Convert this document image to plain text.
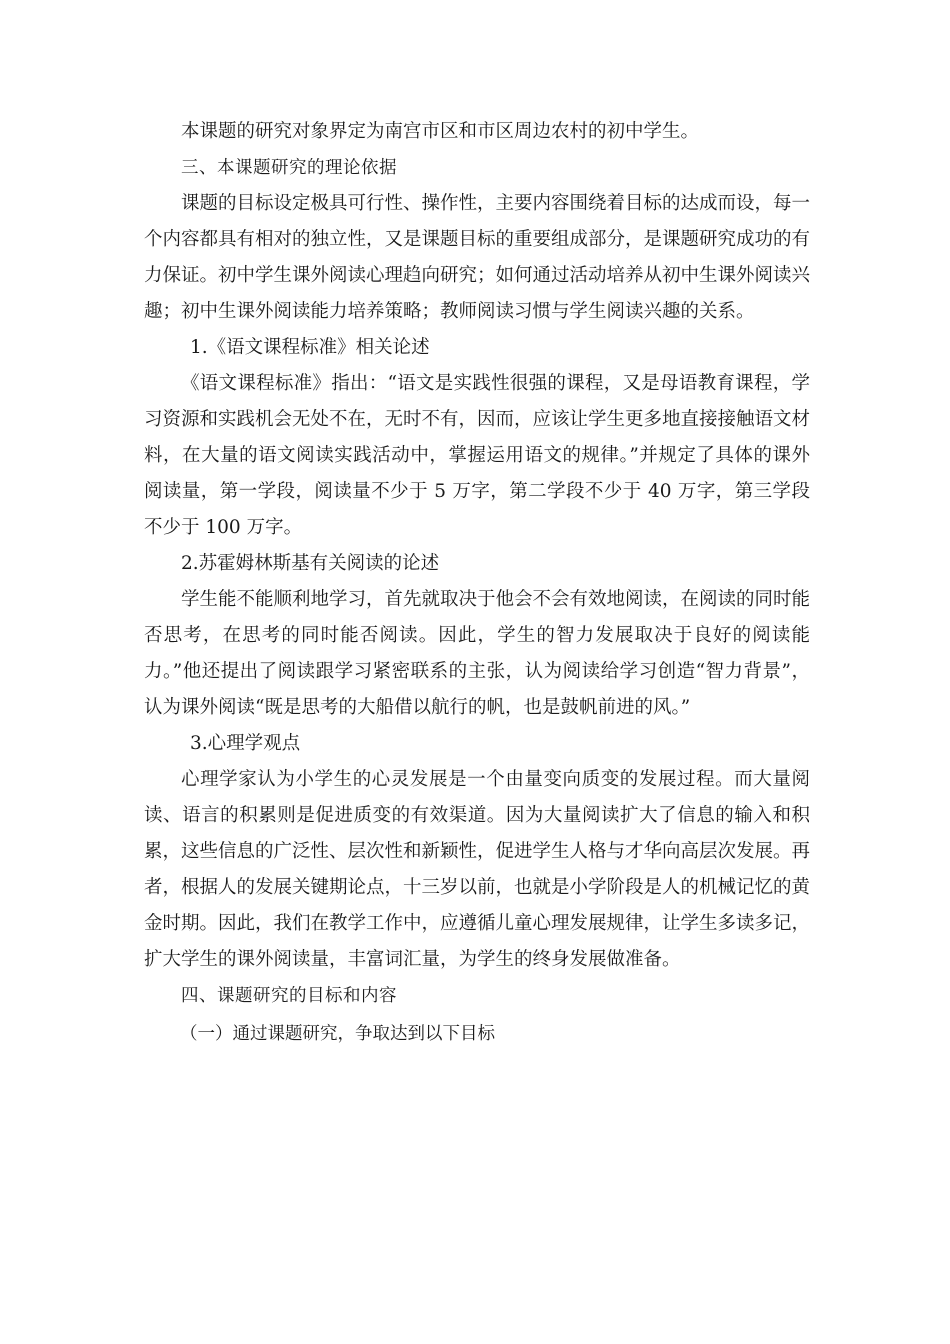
本课题的研究对象界定为南宫市区和市区周边农村的初中学生。

三、本课题研究的理论依据

课题的目标设定极具可行性、操作性，主要内容围绕着目标的达成而设，每一个内容都具有相对的独立性，又是课题目标的重要组成部分，是课题研究成功的有力保证。初中学生课外阅读心理趋向研究；如何通过活动培养从初中生课外阅读兴趣；初中生课外阅读能力培养策略；教师阅读习惯与学生阅读兴趣的关系。

1.《语文课程标准》相关论述

《语文课程标准》指出：“语文是实践性很强的课程，又是母语教育课程，学习资源和实践机会无处不在，无时不有，因而，应该让学生更多地直接接触语文材料，在大量的语文阅读实践活动中，掌握运用语文的规律。”并规定了具体的课外阅读量，第一学段，阅读量不少于 5 万字，第二学段不少于 40 万字，第三学段不少于 100 万字。

2.苏霍姆林斯基有关阅读的论述

学生能不能顺利地学习，首先就取决于他会不会有效地阅读，在阅读的同时能否思考，在思考的同时能否阅读。因此，学生的智力发展取决于良好的阅读能力。”他还提出了阅读跟学习紧密联系的主张，认为阅读给学习创造“智力背景”，认为课外阅读“既是思考的大船借以航行的帆，也是鼓帆前进的风。”

3.心理学观点

心理学家认为小学生的心灵发展是一个由量变向质变的发展过程。而大量阅读、语言的积累则是促进质变的有效渠道。因为大量阅读扩大了信息的输入和积累，这些信息的广泛性、层次性和新颖性，促进学生人格与才华向高层次发展。再者，根据人的发展关键期论点，十三岁以前，也就是小学阶段是人的机械记忆的黄金时期。因此，我们在教学工作中，应遵循儿童心理发展规律，让学生多读多记，扩大学生的课外阅读量，丰富词汇量，为学生的终身发展做准备。

四、课题研究的目标和内容

（一）通过课题研究，争取达到以下目标
